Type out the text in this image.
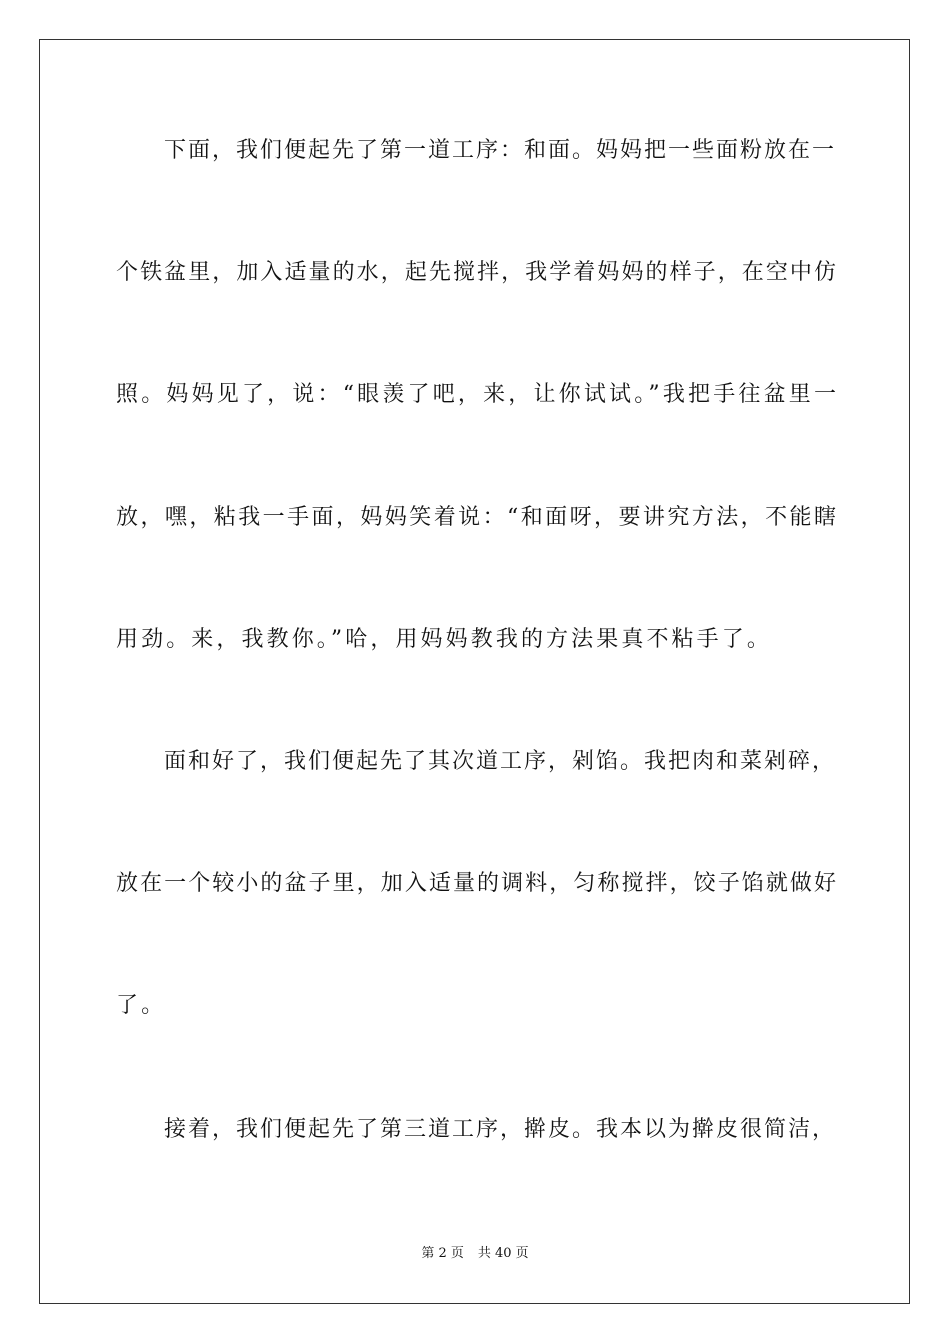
下面，我们便起先了第一道工序：和面。妈妈把一些面粉放在一
个铁盆里，加入适量的水，起先搅拌，我学着妈妈的样子，在空中仿
照。妈妈见了，说：“眼羡了吧，来，让你试试。”我把手往盆里一
放，嘿，粘我一手面，妈妈笑着说：“和面呀，要讲究方法，不能瞎
用劲。来，我教你。”哈，用妈妈教我的方法果真不粘手了。
面和好了，我们便起先了其次道工序，剁馅。我把肉和菜剁碎，
放在一个较小的盆子里，加入适量的调料，匀称搅拌，饺子馅就做好
了。
接着，我们便起先了第三道工序，擀皮。我本以为擀皮很简洁，
第 2 页 共 40 页
